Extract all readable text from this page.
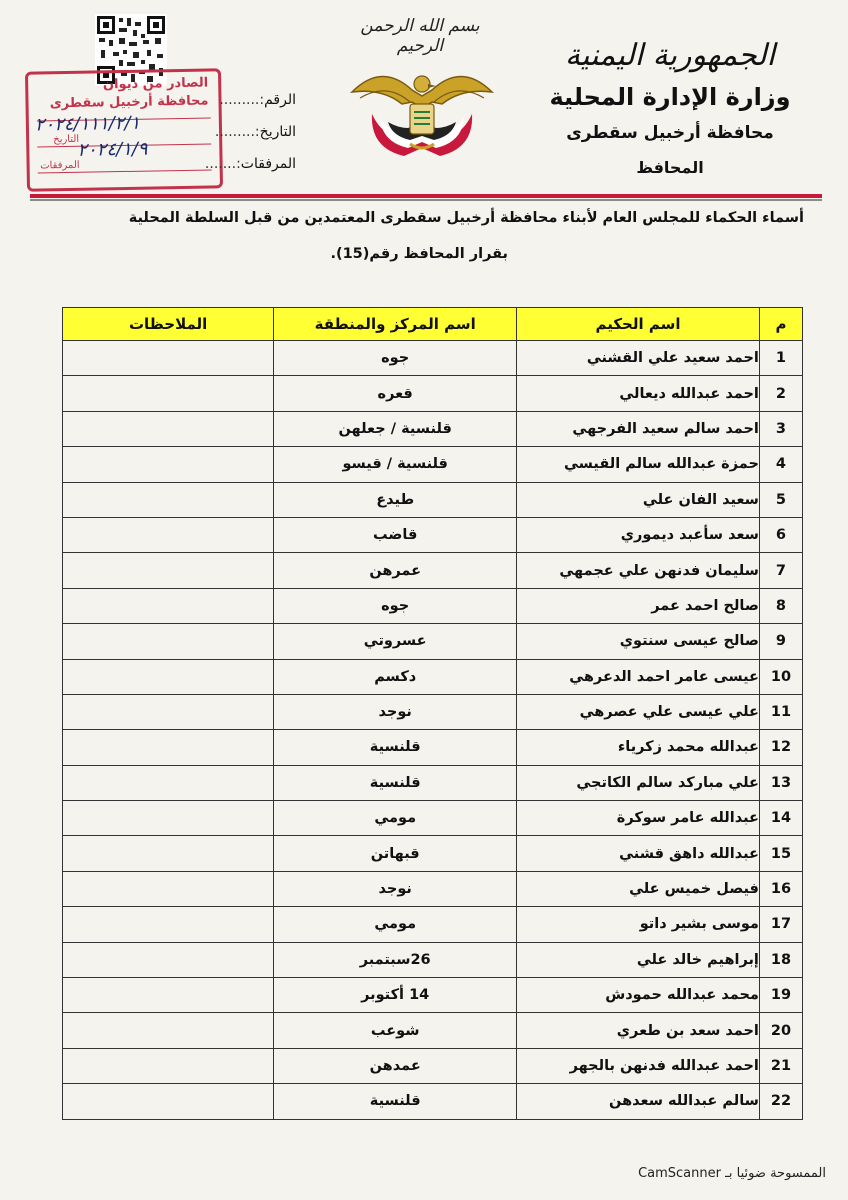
الصادر من ديوان
محافظة أرخبيل سقطرى
التاريخ
المرفقات
٢٠٢٤/١١١/٢/١
٢٠٢٤/١/٩
الرقم:.........
التاريخ:.........
المرفقات:.......
بسم الله الرحمن الرحيم	الجمهورية اليمنية
وزارة الإدارة المحلية
محافظة أرخبيل سقطرى
المحافظ
أسماء الحكماء للمجلس العام لأبناء محافظة أرخبيل سقطرى المعتمدين من قبل السلطة المحلية
بقرار المحافظ رقم(15).
م	اسم الحكيم	اسم المركز والمنطقة	الملاحظات
1	احمد سعيد علي القشني	جوه	
2	احمد عبدالله ديعالي	قعره	
3	احمد سالم سعيد الفرجهي	قلنسية / جعلهن	
4	حمزة عبدالله سالم القيسي	قلنسية / قيسو	
5	سعيد الفان علي	طيدع	
6	سعد سأعبد ديموري	قاضب	
7	سليمان فدنهن علي عجمهي	عمرهن	
8	صالح احمد عمر	جوه	
9	صالح عيسى سنتوي	عسروتي	
10	عيسى عامر احمد الدعرهي	دكسم	
11	علي عيسى علي عصرهي	نوجد	
12	عبدالله محمد زكرياء	قلنسية	
13	علي مباركد سالم الكاتجي	قلنسية	
14	عبدالله عامر سوكرة	مومي	
15	عبدالله داهق قشني	قبهاتن	
16	فيصل خميس علي	نوجد	
17	موسى بشير داتو	مومي	
18	إبراهيم خالد علي	26سبتمبر	
19	محمد عبدالله حمودش	14 أكتوبر	
20	احمد سعد بن طعري	شوعب	
21	احمد عبدالله فدنهن بالجهر	عمدهن	
22	سالم عبدالله سعدهن	قلنسية	
الممسوحة ضوئيا بـ CamScanner
